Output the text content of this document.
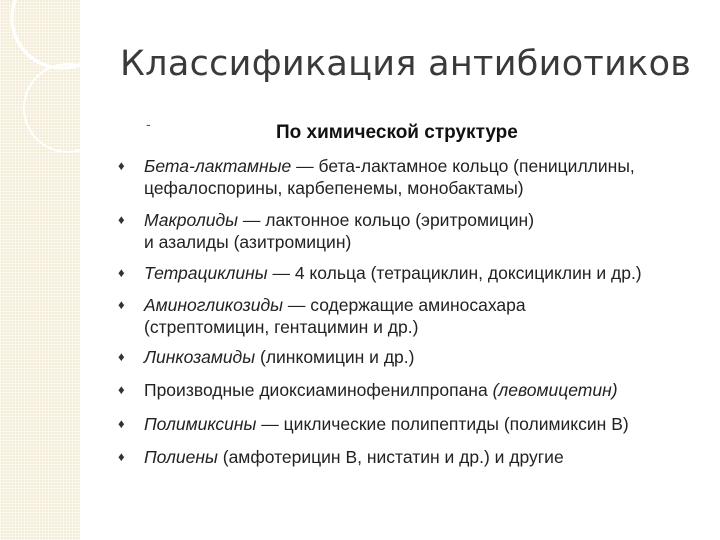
Классификация антибиотиков
-	По химической структуре
♦ Бета-лактамные — бета-лактамное кольцо (пенициллины,
цефалоспорины, карбепенемы, монобактамы)
♦ Макролиды — лактонное кольцо (эритромицин)
и азалиды (азитромицин)
♦ Тетрациклины — 4 кольца (тетрациклин, доксициклин и др.)
♦ Аминогликозиды — содержащие аминосахара
(стрептомицин, гентацимин и др.)
♦ Линкозамиды (линкомицин и др.)
♦ Производные диоксиаминофенилпропана (левомицетин)
♦ Полимиксины — циклические полипептиды (полимиксин В)
♦ Полиены (амфотерицин В, нистатин и др.) и другие
